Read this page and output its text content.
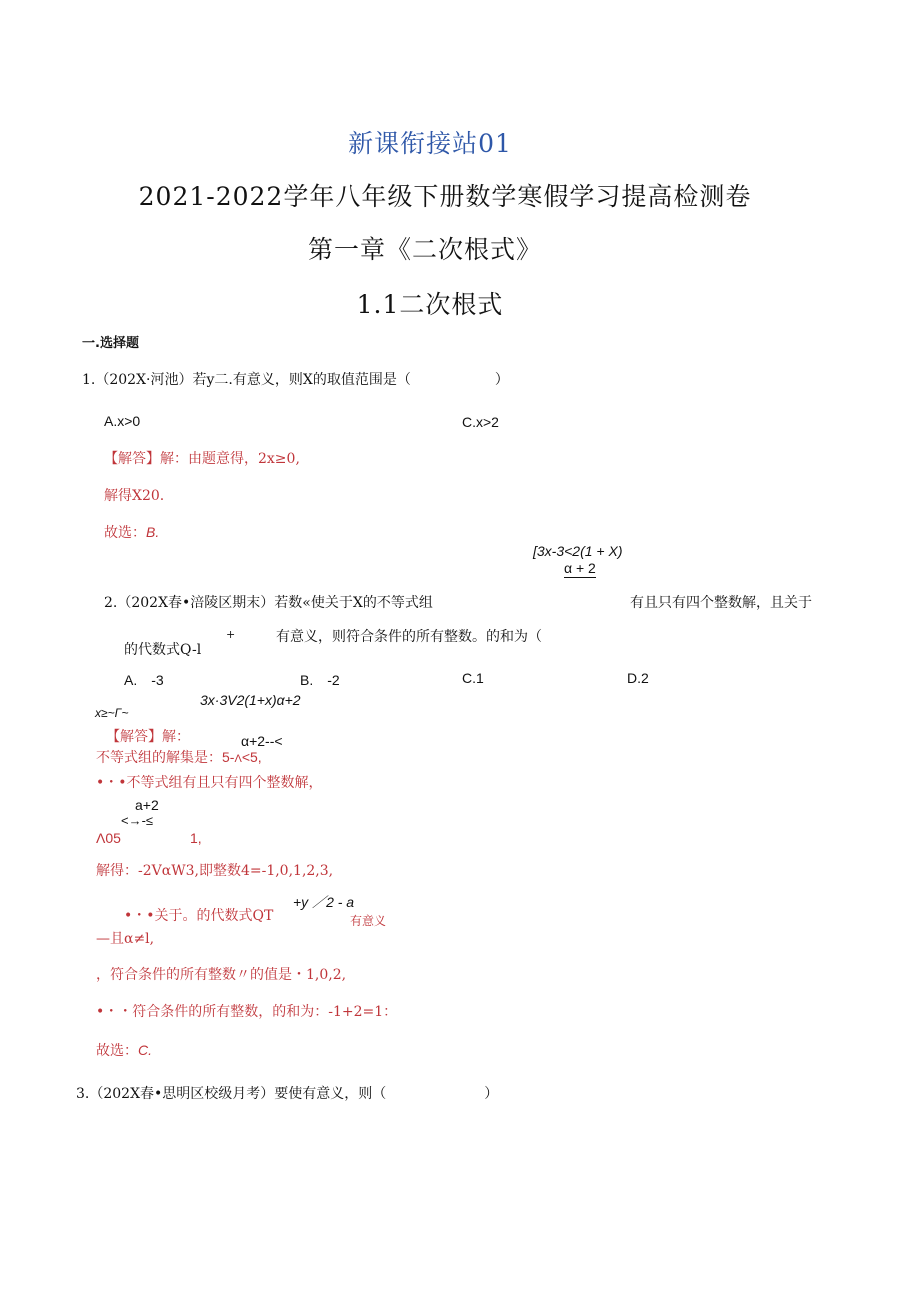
新课衔接站01
2021-2022学年八年级下册数学寒假学习提高检测卷
第一章《二次根式》
1.1二次根式
一.选择题
1.（202X·河池）若y二.有意义，则X的取值范围是（　　　　　　）
A.x>0	C.x>2
【解答】解：由题意得，2x≥0,
解得X20.
故选：B.
[3x-3<2(1 + X)
α + 2
2.（202X春•涪陵区期末）若数«使关于X的不等式组	有且只有四个整数解，且关于
的代数式Q-l
+	有意义，则符合条件的所有整数。的和为（
A.　-3	B.　-2	C.1	D.2
3x·3V2(1+x)α+2
x≥~Γ~
【解答】解：	α+2--<
不等式组的解集是：5-Λ<5,
•・•不等式组有且只有四个整数解，
a+2
<→-≤
Λ05	1,
解得：-2VαW3,即整数4=-1,0,1,2,3,
•・•关于。的代数式QT
+y ／2 - a
有意义
—且α≠l,
，符合条件的所有整数〃的值是・1,0,2,
•・・符合条件的所有整数，的和为：-1+2=1：
故选：C.
3.（202X春•思明区校级月考）要使有意义，则（　　　　　　　）
